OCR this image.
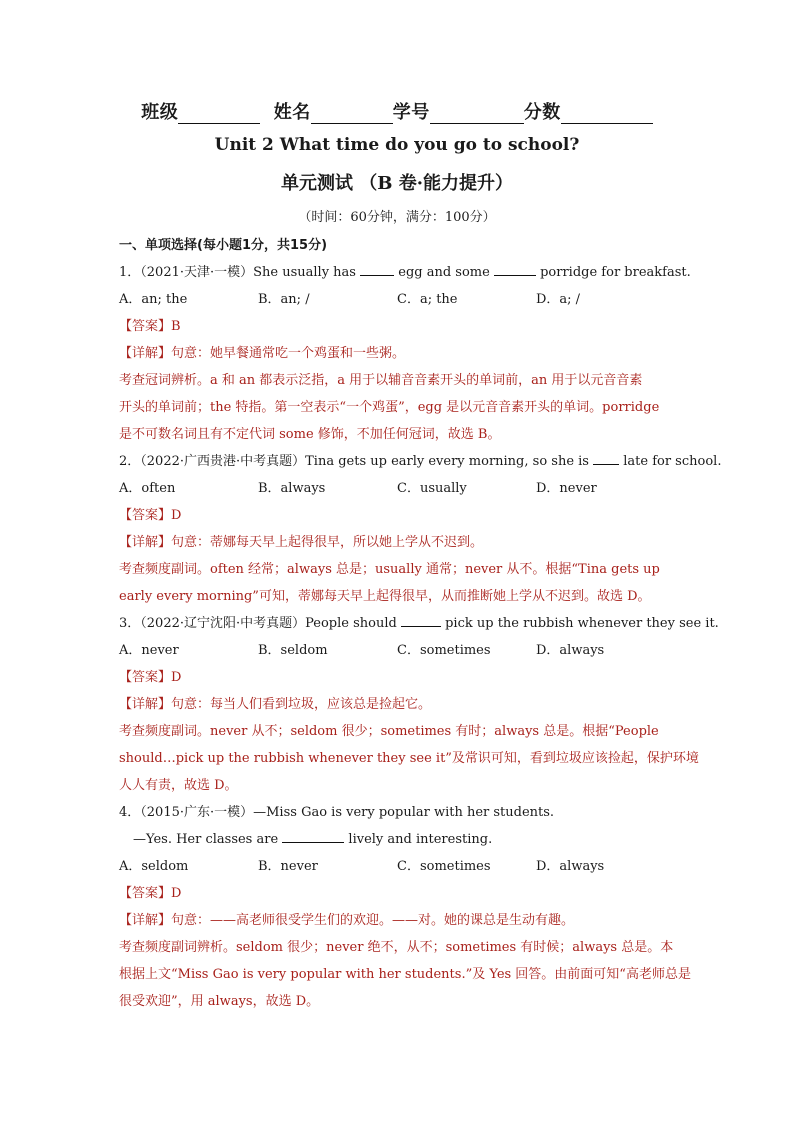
班级	姓名	学号	分数
Unit 2 What time do you go to school?
单元测试 （B 卷·能力提升）
（时间：60分钟，满分：100分）
一、单项选择(每小题1分，共15分)
1．（2021·天津·一模）She usually has	egg and some	porridge for breakfast.
A．an; the	B．an; /	C．a; the	D．a; /
【答案】B
【详解】句意：她早餐通常吃一个鸡蛋和一些粥。
考查冠词辨析。a 和 an 都表示泛指，a 用于以辅音音素开头的单词前，an 用于以元音音素
开头的单词前；the 特指。第一空表示“一个鸡蛋”，egg 是以元音音素开头的单词。porridge
是不可数名词且有不定代词 some 修饰，不加任何冠词，故选 B。
2．（2022·广西贵港·中考真题）Tina gets up early every morning, so she is  late for school.
A．often	B．always	C．usually	D．never
【答案】D
【详解】句意：蒂娜每天早上起得很早，所以她上学从不迟到。
考查频度副词。often 经常；always 总是；usually 通常；never 从不。根据“Tina gets up
early every morning”可知，蒂娜每天早上起得很早，从而推断她上学从不迟到。故选 D。
3．（2022·辽宁沈阳·中考真题）People should	pick up the rubbish whenever they see it.
A．never	B．seldom	C．sometimes	D．always
【答案】D
【详解】句意：每当人们看到垃圾，应该总是捡起它。
考查频度副词。never 从不；seldom 很少；sometimes 有时；always 总是。根据“People
should…pick up the rubbish whenever they see it”及常识可知，看到垃圾应该捡起，保护环境
人人有责，故选 D。
4．（2015·广东·一模）—Miss Gao is very popular with her students.
—Yes. Her classes are	lively and interesting.
A．seldom	B．never	C．sometimes	D．always
【答案】D
【详解】句意：——高老师很受学生们的欢迎。——对。她的课总是生动有趣。
考查频度副词辨析。seldom 很少；never 绝不，从不；sometimes 有时候；always 总是。本
根据上文“Miss Gao is very popular with her students.”及 Yes 回答。由前面可知“高老师总是
很受欢迎”，用 always，故选 D。
